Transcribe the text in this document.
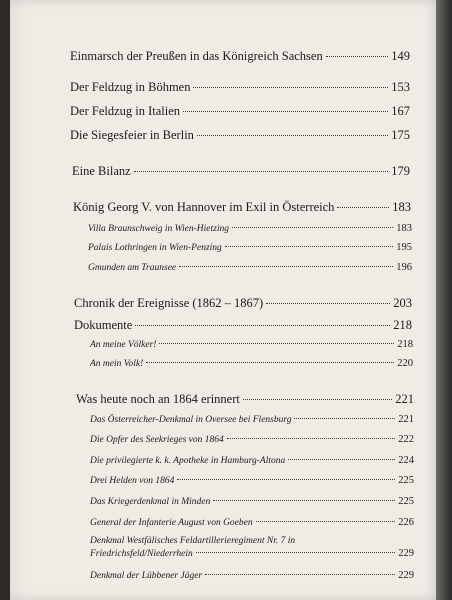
Einmarsch der Preußen in das Königreich Sachsen	149
Der Feldzug in Böhmen	153
Der Feldzug in Italien	167
Die Siegesfeier in Berlin	175
Eine Bilanz	179
König Georg V. von Hannover im Exil in Österreich	183
Villa Braunschweig in Wien-Hietzing	183
Palais Lothringen in Wien-Penzing	195
Gmunden am Traunsee	196
Chronik der Ereignisse (1862 – 1867)	203
Dokumente	218
An meine Völker!	218
An mein Volk!	220
Was heute noch an 1864 erinnert	221
Das Österreicher-Denkmal in Oversee bei Flensburg	221
Die Opfer des Seekrieges von 1864	222
Die privilegierte k. k. Apotheke in Hamburg-Altona	224
Drei Helden von 1864	225
Das Kriegerdenkmal in Minden	225
General der Infanterie August von Goeben	226
Denkmal Westfälisches Feldartillerieregiment Nr. 7 in
Friedrichsfeld/Niederrhein	229
Denkmal der Lübbener Jäger	229
